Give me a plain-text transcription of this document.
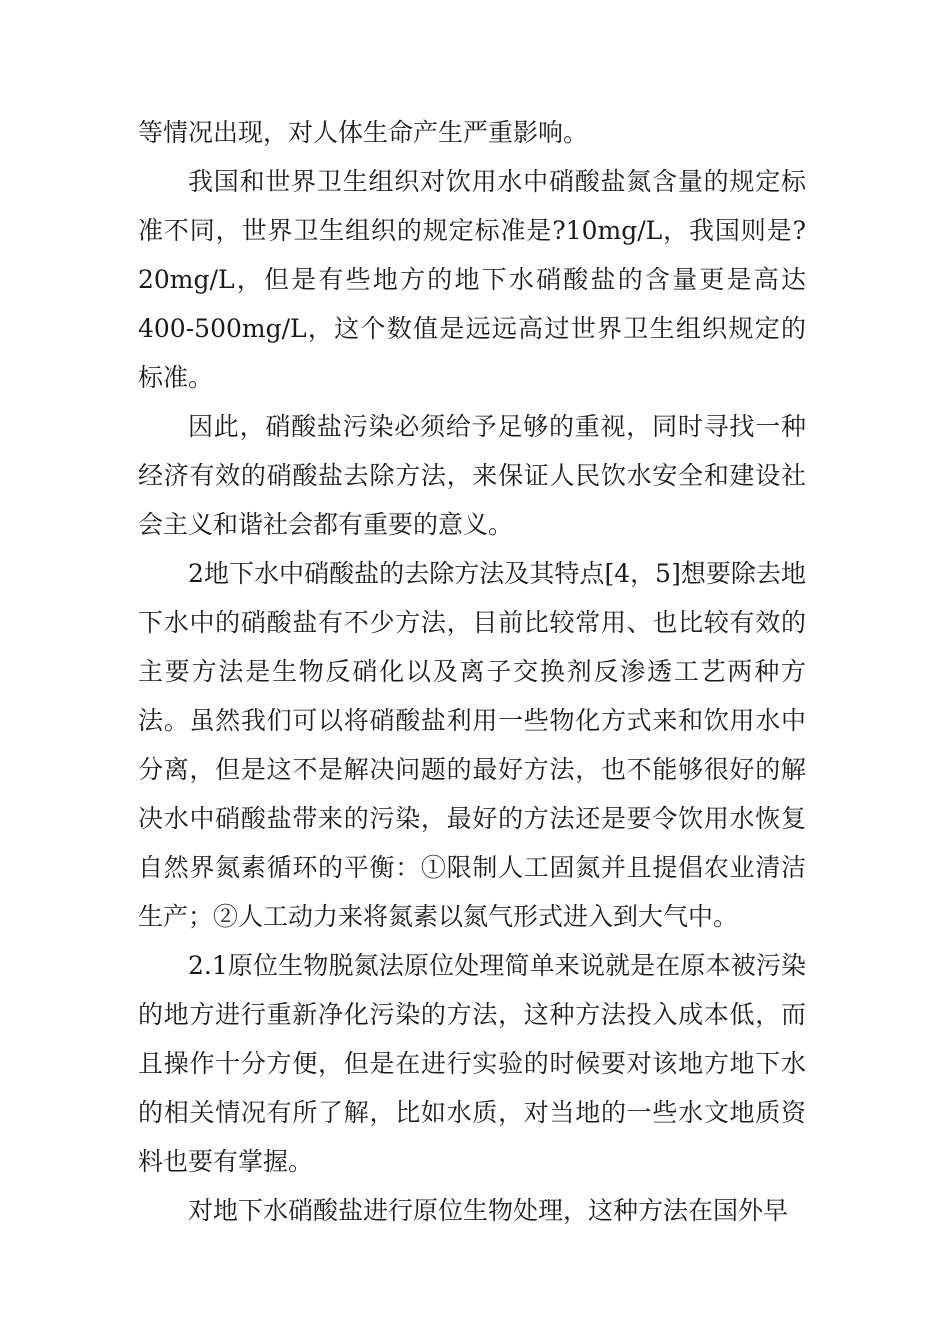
等情况出现，对人体生命产生严重影响。

我国和世界卫生组织对饮用水中硝酸盐氮含量的规定标准不同，世界卫生组织的规定标准是?10mg/L，我国则是?20mg/L，但是有些地方的地下水硝酸盐的含量更是高达400-500mg/L，这个数值是远远高过世界卫生组织规定的标准。

因此，硝酸盐污染必须给予足够的重视，同时寻找一种经济有效的硝酸盐去除方法，来保证人民饮水安全和建设社会主义和谐社会都有重要的意义。

2地下水中硝酸盐的去除方法及其特点[4，5]想要除去地下水中的硝酸盐有不少方法，目前比较常用、也比较有效的主要方法是生物反硝化以及离子交换剂反渗透工艺两种方法。虽然我们可以将硝酸盐利用一些物化方式来和饮用水中分离，但是这不是解决问题的最好方法，也不能够很好的解决水中硝酸盐带来的污染，最好的方法还是要令饮用水恢复自然界氮素循环的平衡：①限制人工固氮并且提倡农业清洁生产；②人工动力来将氮素以氮气形式进入到大气中。

2.1原位生物脱氮法原位处理简单来说就是在原本被污染的地方进行重新净化污染的方法，这种方法投入成本低，而且操作十分方便，但是在进行实验的时候要对该地方地下水的相关情况有所了解，比如水质，对当地的一些水文地质资料也要有掌握。

对地下水硝酸盐进行原位生物处理，这种方法在国外早
